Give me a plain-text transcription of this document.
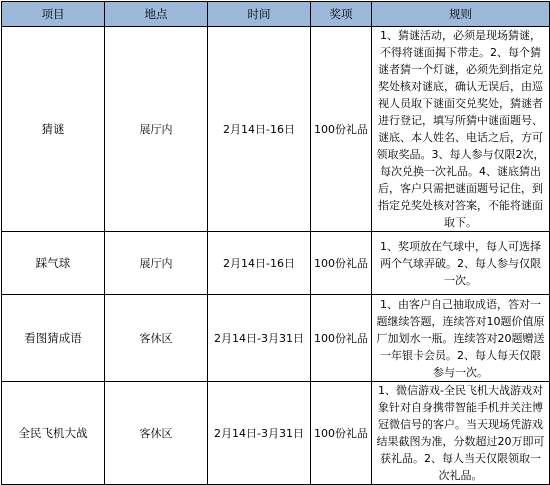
项目	地点	时间	奖项	规则
猜谜	展厅内	2月14日-16日	100份礼品	1、猜谜活动，必须是现场猜谜，不得将谜面揭下带走。2、每个猜谜者猜一个灯谜，必须先到指定兑奖处核对谜底，确认无误后，由巡视人员取下谜面交兑奖处，猜谜者进行登记，填写所猜中谜面题号、谜底、本人姓名、电话之后，方可领取奖品。3、每人参与仅限2次，每次兑换一次礼品。4、谜底猜出后，客户只需把谜面题号记住，到指定兑奖处核对答案，不能将谜面取下。
踩气球	展厅内	2月14日-16日	100份礼品	1、奖项放在气球中，每人可选择两个气球弄破。2、每人参与仅限一次。
看图猜成语	客休区	2月14日-3月31日	100份礼品	1、由客户自己抽取成语，答对一题继续答题，连续答对10题价值原厂加划水一瓶。连续答对20题赠送一年银卡会员。2、每人每天仅限参与一次。
全民飞机大战	客休区	2月14日-3月31日	100份礼品	1、微信游戏-全民飞机大战游戏对象针对自身携带智能手机并关注博冠微信号的客户。当天现场凭游戏结果截图为准，分数超过20万即可获礼品。2、每人当天仅限领取一次礼品。
